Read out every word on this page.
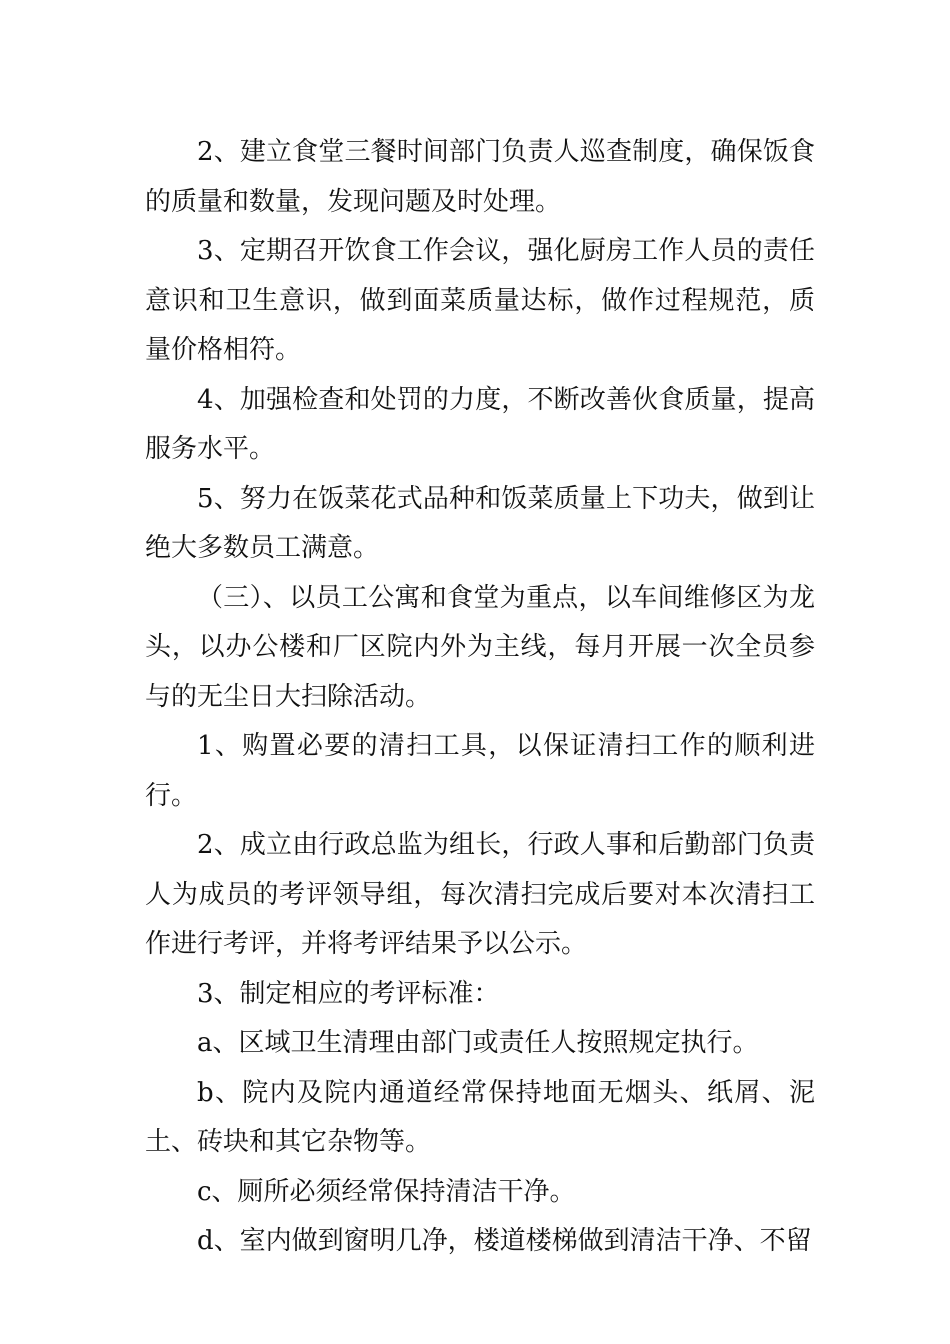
2、建立食堂三餐时间部门负责人巡查制度，确保饭食的质量和数量，发现问题及时处理。

3、定期召开饮食工作会议，强化厨房工作人员的责任意识和卫生意识，做到面菜质量达标，做作过程规范，质量价格相符。

4、加强检查和处罚的力度，不断改善伙食质量，提高服务水平。

5、努力在饭菜花式品种和饭菜质量上下功夫，做到让绝大多数员工满意。

（三）、以员工公寓和食堂为重点，以车间维修区为龙头，以办公楼和厂区院内外为主线，每月开展一次全员参与的无尘日大扫除活动。

1、购置必要的清扫工具，以保证清扫工作的顺利进行。

2、成立由行政总监为组长，行政人事和后勤部门负责人为成员的考评领导组，每次清扫完成后要对本次清扫工作进行考评，并将考评结果予以公示。

3、制定相应的考评标准：

a、区域卫生清理由部门或责任人按照规定执行。

b、院内及院内通道经常保持地面无烟头、纸屑、泥土、砖块和其它杂物等。

c、厕所必须经常保持清洁干净。

d、室内做到窗明几净，楼道楼梯做到清洁干净、不留
